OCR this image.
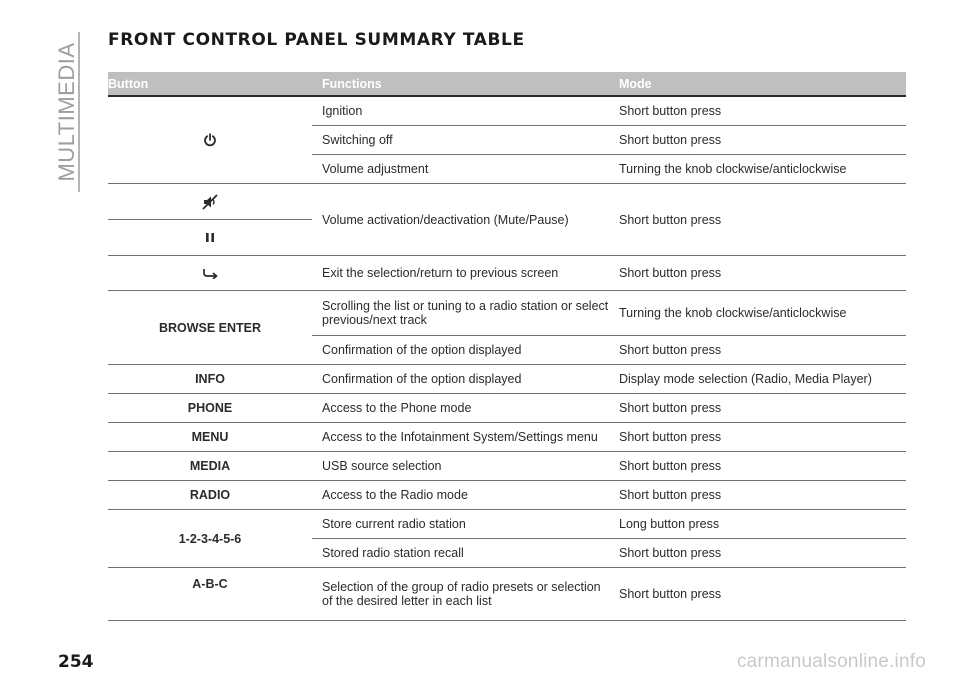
MULTIMEDIA
FRONT CONTROL PANEL SUMMARY TABLE
Button	Functions	Mode

	Ignition	Short button press
	Switching off	Short button press
	Volume adjustment	Turning the knob clockwise/anticlockwise

	Volume activation/deactivation (Mute/Pause)	Short button press

	Exit the selection/return to previous screen	Short button press
BROWSE ENTER	Scrolling the list or tuning to a radio station or select previous/next track	Turning the knob clockwise/anticlockwise
	Confirmation of the option displayed	Short button press
INFO	Confirmation of the option displayed	Display mode selection (Radio, Media Player)
PHONE	Access to the Phone mode	Short button press
MENU	Access to the Infotainment System/Settings menu	Short button press
MEDIA	USB source selection	Short button press
RADIO	Access to the Radio mode	Short button press
1-2-3-4-5-6	Store current radio station	Long button press
	Stored radio station recall	Short button press
A-B-C	Selection of the group of radio presets or selection of the desired letter in each list	Short button press
254	carmanualsonline.info
